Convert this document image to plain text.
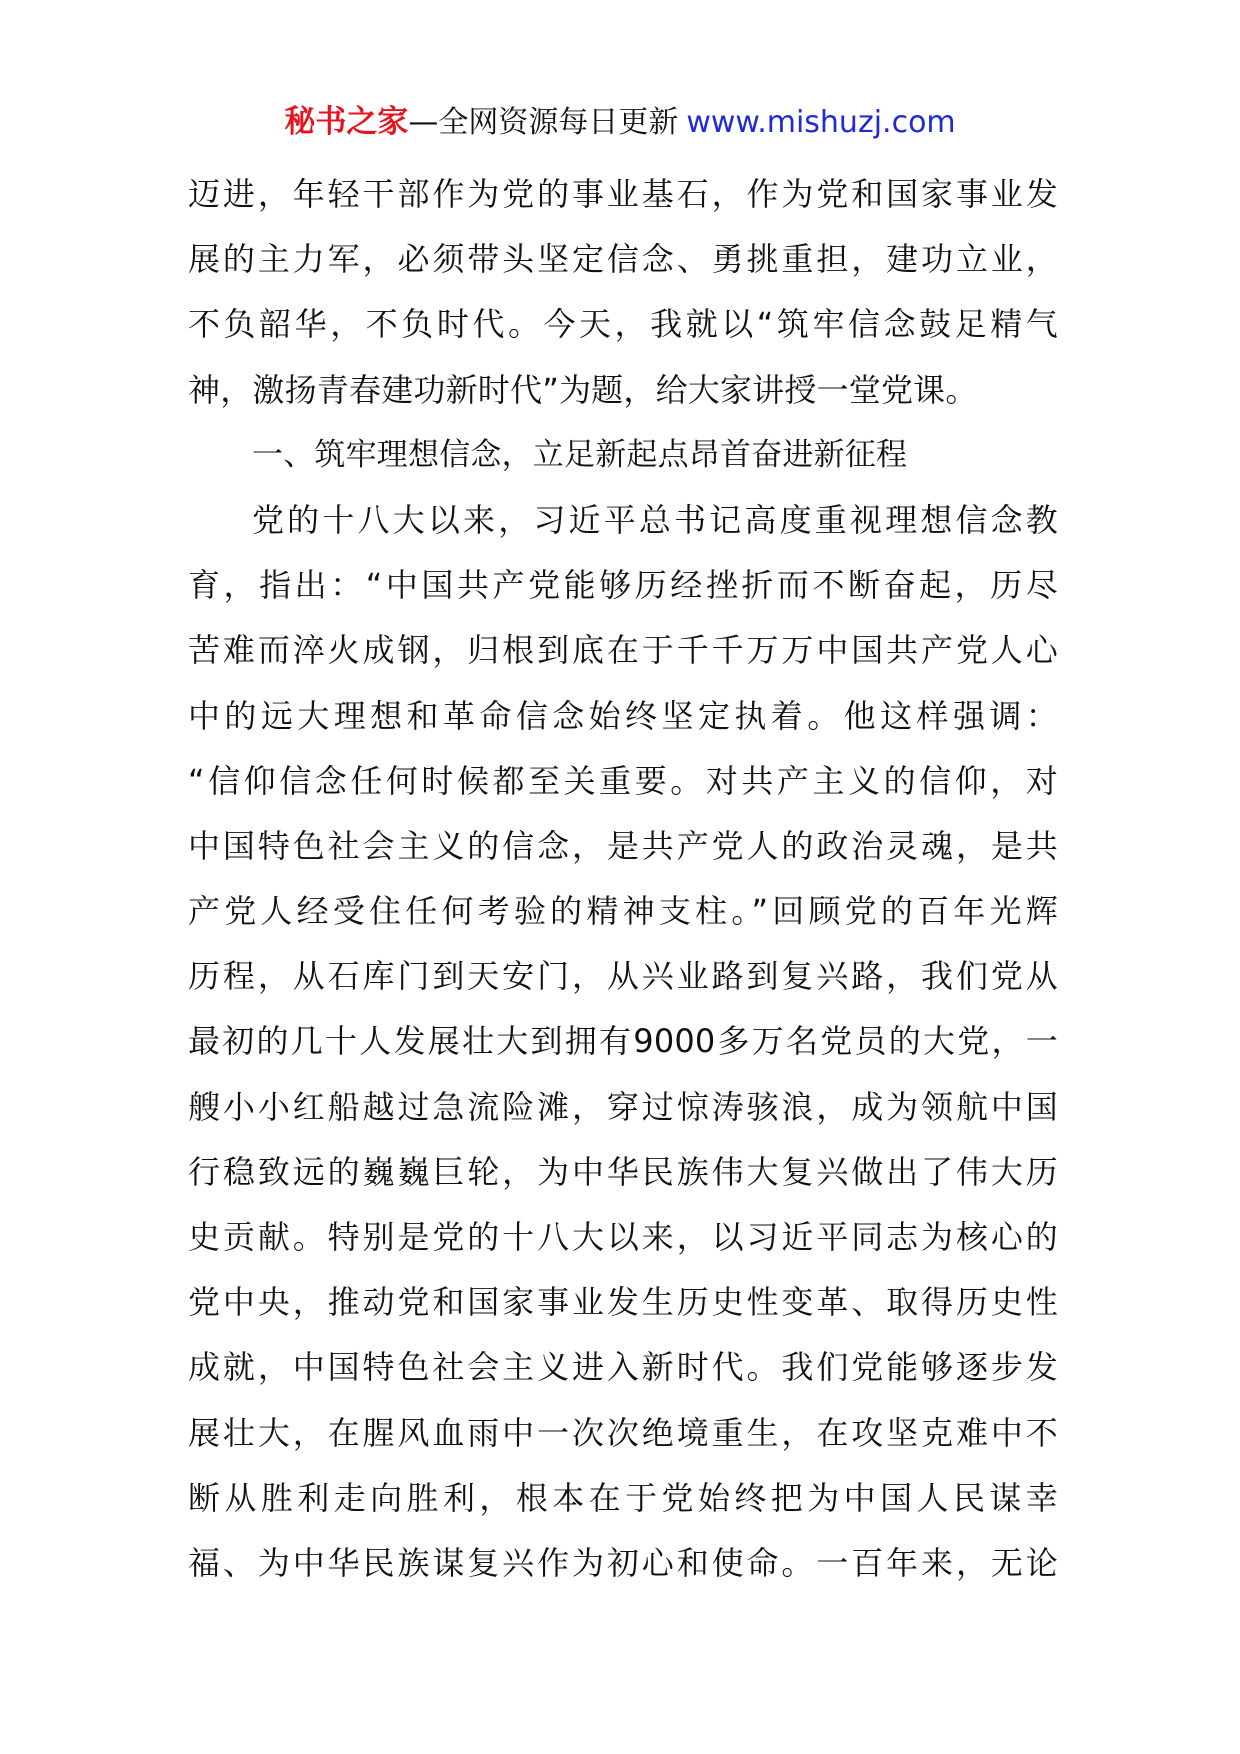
秘书之家—全网资源每日更新 www.mishuzj.com
迈进，年轻干部作为党的事业基石，作为党和国家事业发
展的主力军，必须带头坚定信念、勇挑重担，建功立业，
不负韶华，不负时代。今天，我就以“筑牢信念鼓足精气
神，激扬青春建功新时代”为题，给大家讲授一堂党课。
一、筑牢理想信念，立足新起点昂首奋进新征程
党的十八大以来，习近平总书记高度重视理想信念教
育，指出：“中国共产党能够历经挫折而不断奋起，历尽
苦难而淬火成钢，归根到底在于千千万万中国共产党人心
中的远大理想和革命信念始终坚定执着。他这样强调：
“信仰信念任何时候都至关重要。对共产主义的信仰，对
中国特色社会主义的信念，是共产党人的政治灵魂，是共
产党人经受住任何考验的精神支柱。”回顾党的百年光辉
历程，从石库门到天安门，从兴业路到复兴路，我们党从
最初的几十人发展壮大到拥有9000多万名党员的大党，一
艘小小红船越过急流险滩，穿过惊涛骇浪，成为领航中国
行稳致远的巍巍巨轮，为中华民族伟大复兴做出了伟大历
史贡献。特别是党的十八大以来，以习近平同志为核心的
党中央，推动党和国家事业发生历史性变革、取得历史性
成就，中国特色社会主义进入新时代。我们党能够逐步发
展壮大，在腥风血雨中一次次绝境重生，在攻坚克难中不
断从胜利走向胜利，根本在于党始终把为中国人民谋幸
福、为中华民族谋复兴作为初心和使命。一百年来，无论
